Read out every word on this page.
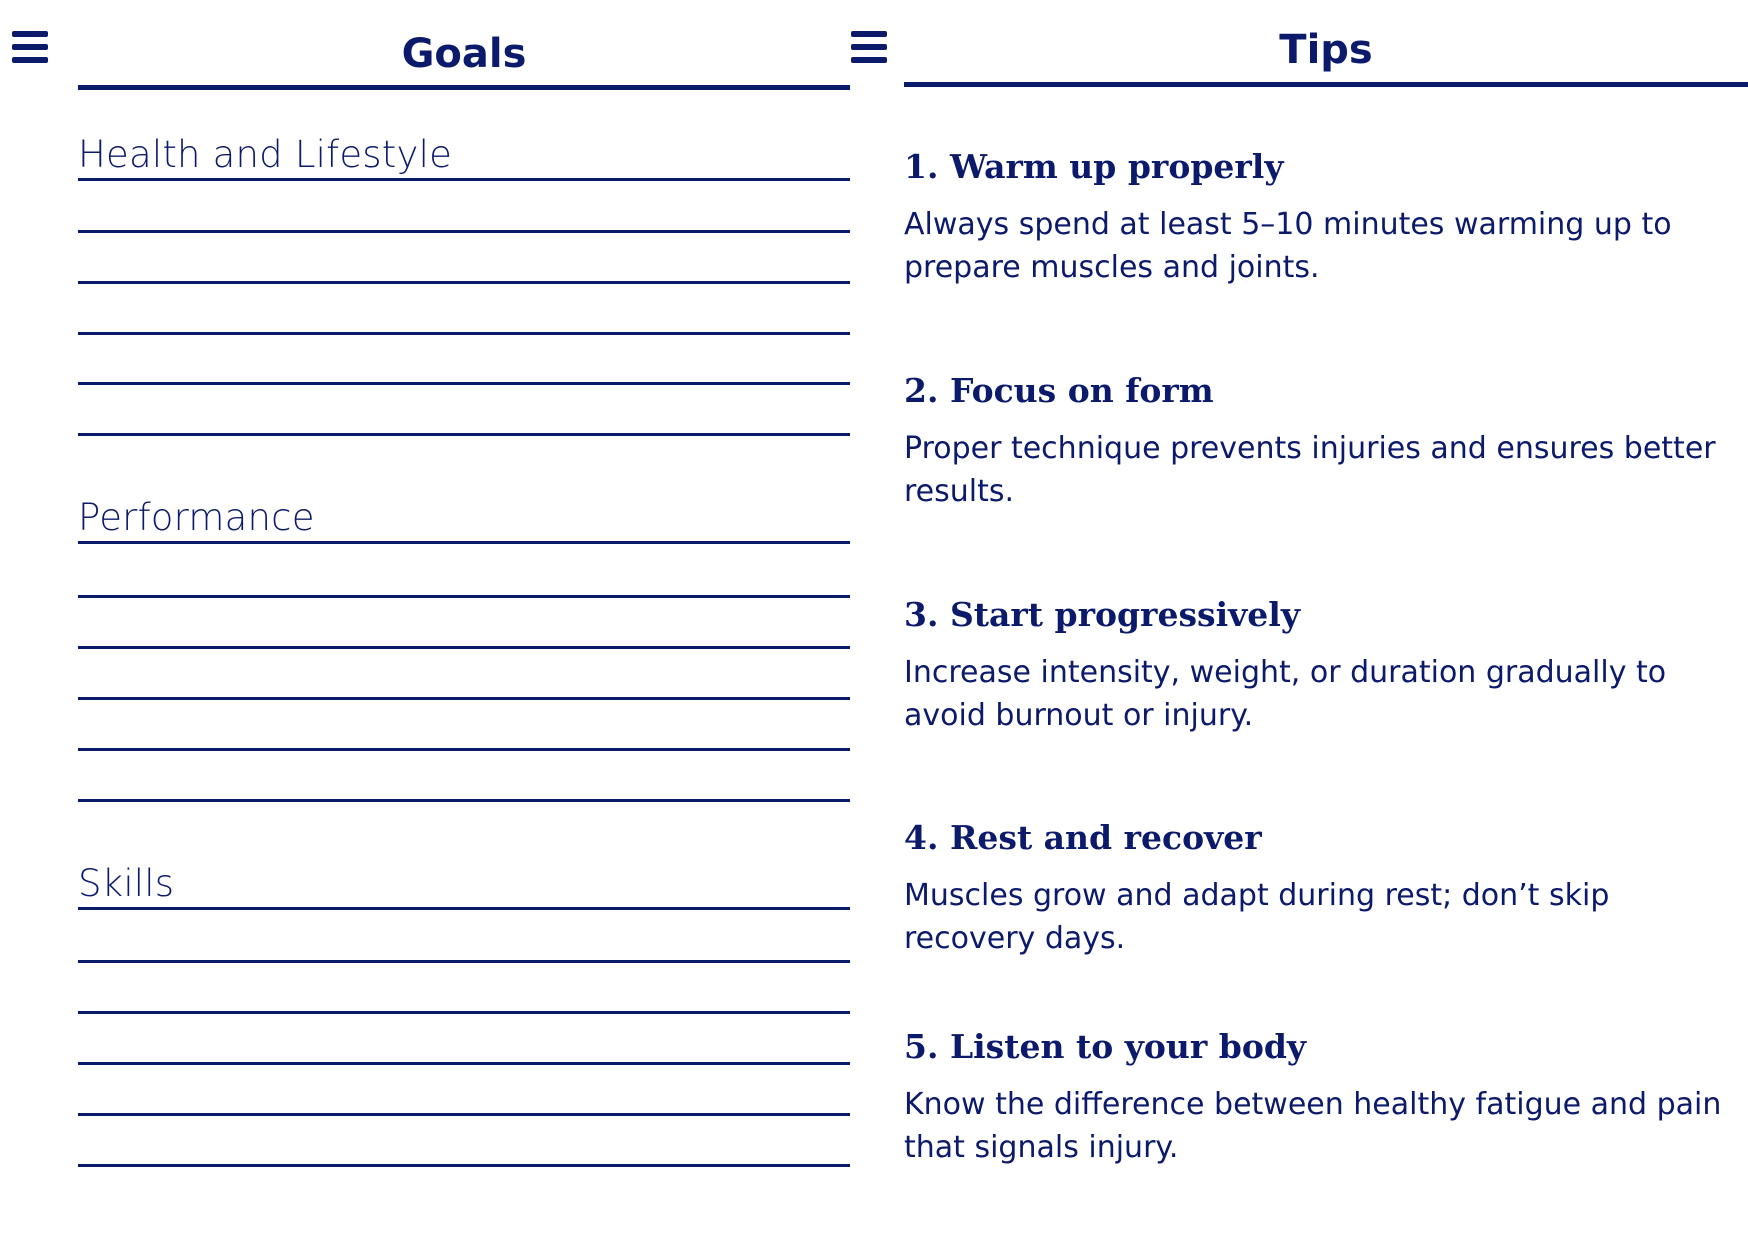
Goals
Health and Lifestyle
Performance
Skills
Tips
1. Warm up properly

Always spend at least 5–10 minutes warming up to prepare muscles and joints.

2. Focus on form

Proper technique prevents injuries and ensures better results.

3. Start progressively

Increase intensity, weight, or duration gradually to avoid burnout or injury.

4. Rest and recover

Muscles grow and adapt during rest; don’t skip recovery days.

5. Listen to your body

Know the difference between healthy fatigue and pain that signals injury.
